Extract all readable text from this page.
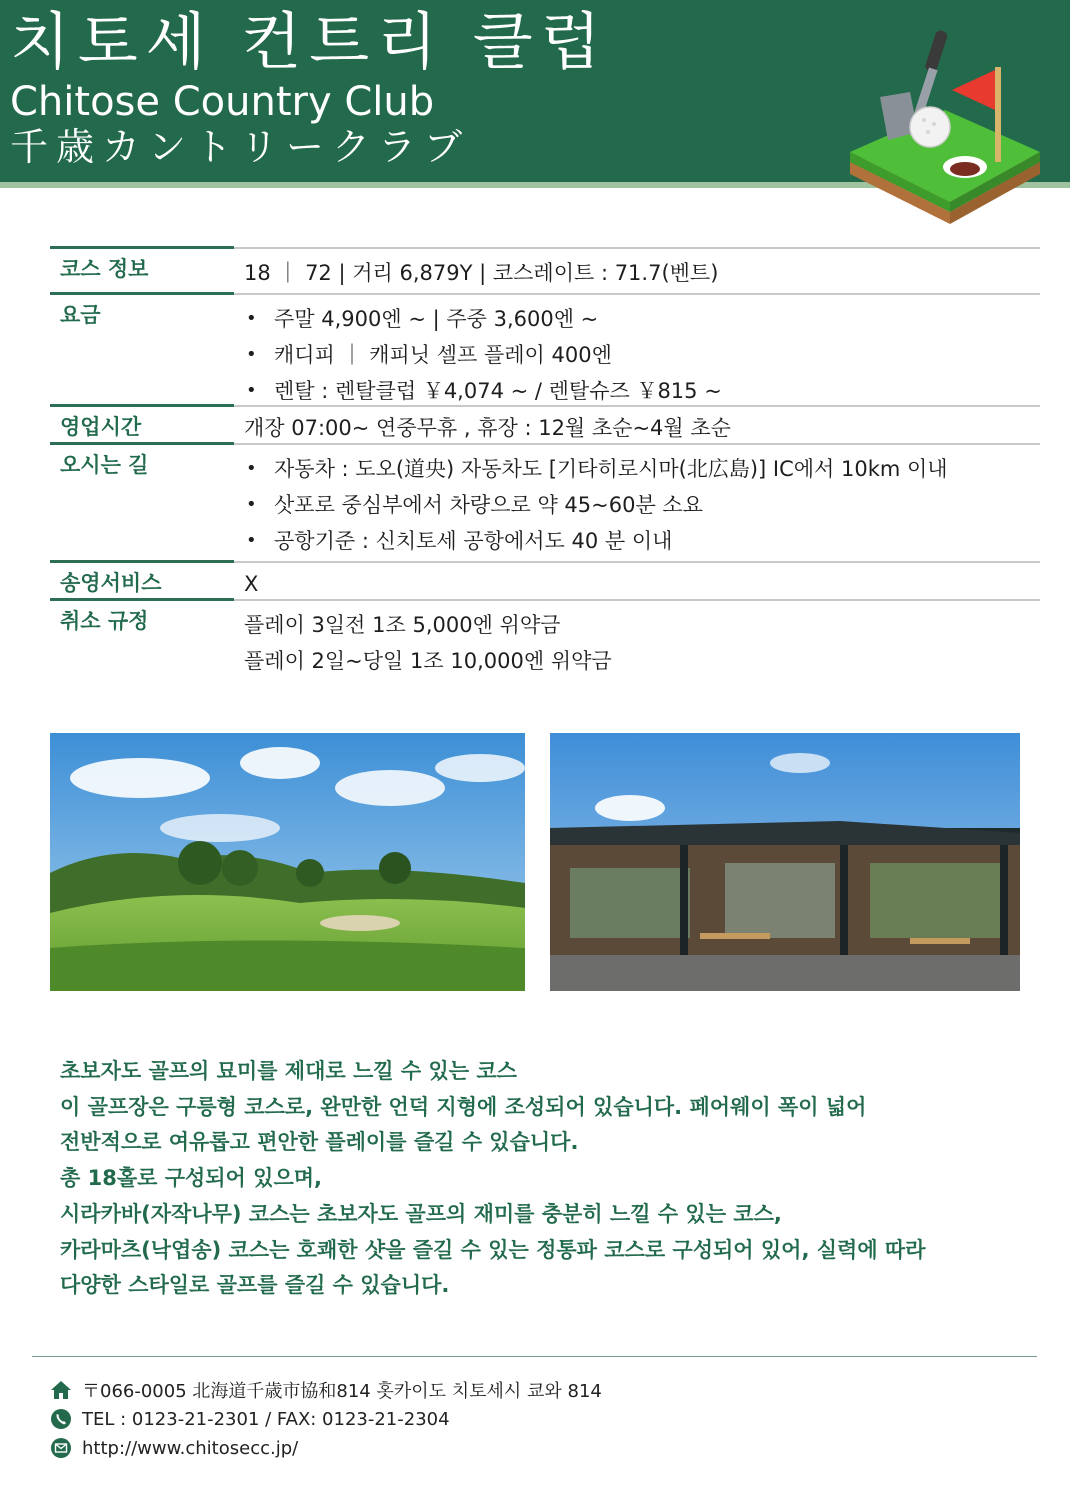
치토세 컨트리 클럽
Chitose Country Club
千歳カントリークラブ
코스 정보	18 ｜ 72 | 거리 6,879Y | 코스레이트 : 71.7(벤트)
요금	• 주말 4,900엔 ~ | 주중 3,600엔 ~
• 캐디피 ｜ 캐피닛 셀프 플레이 400엔
• 렌탈 : 렌탈클럽 ￥4,074 ~ / 렌탈슈즈 ￥815 ~
영업시간	개장 07:00~ 연중무휴 , 휴장 : 12월 초순~4월 초순
오시는 길	• 자동차 : 도오(道央) 자동차도 [기타히로시마(北広島)] IC에서 10km 이내
• 삿포로 중심부에서 차량으로 약 45~60분 소요
• 공항기준 : 신치토세 공항에서도 40 분 이내
송영서비스	X
취소 규정	플레이 3일전 1조 5,000엔 위약금
플레이 2일~당일 1조 10,000엔 위약금

초보자도 골프의 묘미를 제대로 느낄 수 있는 코스

이 골프장은 구릉형 코스로, 완만한 언덕 지형에 조성되어 있습니다. 페어웨이 폭이 넓어

전반적으로 여유롭고 편안한 플레이를 즐길 수 있습니다.

총 18홀로 구성되어 있으며,

시라카바(자작나무) 코스는 초보자도 골프의 재미를 충분히 느낄 수 있는 코스,

카라마츠(낙엽송) 코스는 호쾌한 샷을 즐길 수 있는 정통파 코스로 구성되어 있어, 실력에 따라

다양한 스타일로 골프를 즐길 수 있습니다.

〒066-0005 北海道千歳市協和814 홋카이도 치토세시 쿄와 814
TEL : 0123-21-2301 / FAX: 0123-21-2304
http://www.chitosecc.jp/
